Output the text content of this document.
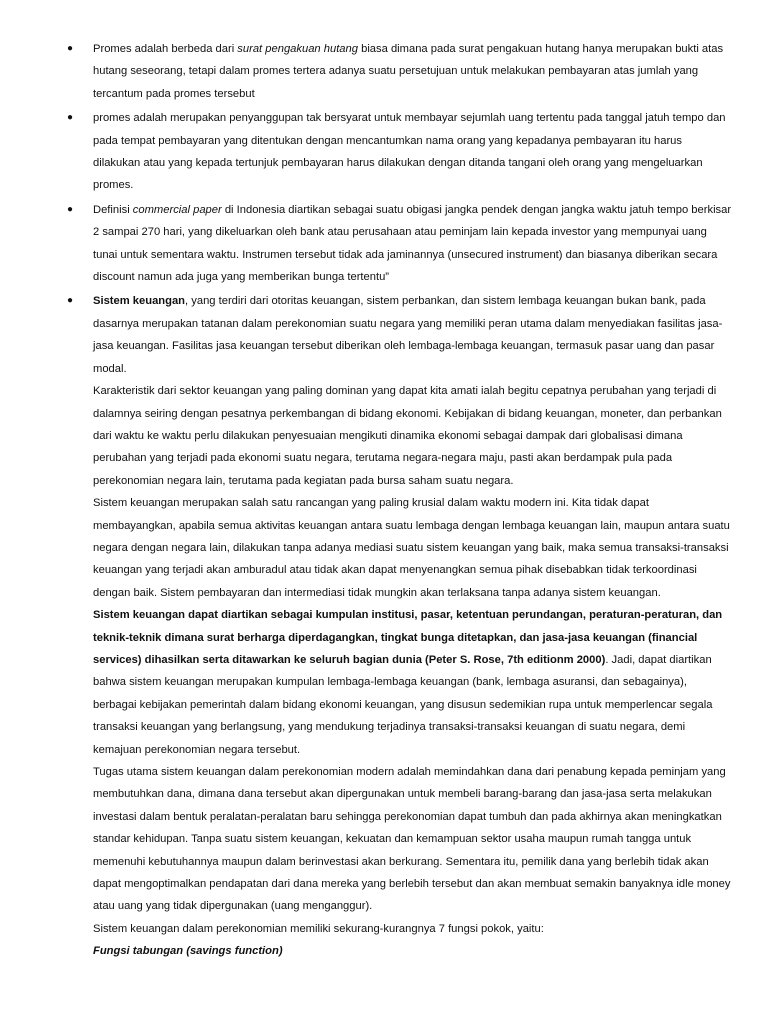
● Promes adalah berbeda dari surat pengakuan hutang biasa dimana pada surat pengakuan hutang hanya merupakan bukti atas hutang seseorang, tetapi dalam promes tertera adanya suatu persetujuan untuk melakukan pembayaran atas jumlah yang tercantum pada promes tersebut
● promes adalah merupakan penyanggupan tak bersyarat untuk membayar sejumlah uang tertentu pada tanggal jatuh tempo dan pada tempat pembayaran yang ditentukan dengan mencantumkan nama orang yang kepadanya pembayaran itu harus dilakukan atau yang kepada tertunjuk pembayaran harus dilakukan dengan ditanda tangani oleh orang yang mengeluarkan promes.
● Definisi commercial paper di Indonesia diartikan sebagai suatu obigasi jangka pendek dengan jangka waktu jatuh tempo berkisar 2 sampai 270 hari, yang dikeluarkan oleh bank atau perusahaan atau peminjam lain kepada investor yang mempunyai uang tunai untuk sementara waktu. Instrumen tersebut tidak ada jaminannya (unsecured instrument) dan biasanya diberikan secara discount namun ada juga yang memberikan bunga tertentu”
● Sistem keuangan, yang terdiri dari otoritas keuangan, sistem perbankan, dan sistem lembaga keuangan bukan bank, pada dasarnya merupakan tatanan dalam perekonomian suatu negara yang memiliki peran utama dalam menyediakan fasilitas jasa-jasa keuangan. Fasilitas jasa keuangan tersebut diberikan oleh lembaga-lembaga keuangan, termasuk pasar uang dan pasar modal.
Karakteristik dari sektor keuangan yang paling dominan yang dapat kita amati ialah begitu cepatnya perubahan yang terjadi di dalamnya seiring dengan pesatnya perkembangan di bidang ekonomi. Kebijakan di bidang keuangan, moneter, dan perbankan dari waktu ke waktu perlu dilakukan penyesuaian mengikuti dinamika ekonomi sebagai dampak dari globalisasi dimana perubahan yang terjadi pada ekonomi suatu negara, terutama negara-negara maju, pasti akan berdampak pula pada perekonomian negara lain, terutama pada kegiatan pada bursa saham suatu negara.
Sistem keuangan merupakan salah satu rancangan yang paling krusial dalam waktu modern ini. Kita tidak dapat membayangkan, apabila semua aktivitas keuangan antara suatu lembaga dengan lembaga keuangan lain, maupun antara suatu negara dengan negara lain, dilakukan tanpa adanya mediasi suatu sistem keuangan yang baik, maka semua transaksi-transaksi keuangan yang terjadi akan amburadul atau tidak akan dapat menyenangkan semua pihak disebabkan tidak terkoordinasi dengan baik. Sistem pembayaran dan intermediasi tidak mungkin akan terlaksana tanpa adanya sistem keuangan.
Sistem keuangan dapat diartikan sebagai kumpulan institusi, pasar, ketentuan perundangan, peraturan-peraturan, dan teknik-teknik dimana surat berharga diperdagangkan, tingkat bunga ditetapkan, dan jasa-jasa keuangan (financial services) dihasilkan serta ditawarkan ke seluruh bagian dunia (Peter S. Rose, 7th editionm 2000). Jadi, dapat diartikan bahwa sistem keuangan merupakan kumpulan lembaga-lembaga keuangan (bank, lembaga asuransi, dan sebagainya), berbagai kebijakan pemerintah dalam bidang ekonomi keuangan, yang disusun sedemikian rupa untuk memperlencar segala transaksi keuangan yang berlangsung, yang mendukung terjadinya transaksi-transaksi keuangan di suatu negara, demi kemajuan perekonomian negara tersebut.
Tugas utama sistem keuangan dalam perekonomian modern adalah memindahkan dana dari penabung kepada peminjam yang membutuhkan dana, dimana dana tersebut akan dipergunakan untuk membeli barang-barang dan jasa-jasa serta melakukan investasi dalam bentuk peralatan-peralatan baru sehingga perekonomian dapat tumbuh dan pada akhirnya akan meningkatkan standar kehidupan. Tanpa suatu sistem keuangan, kekuatan dan kemampuan sektor usaha maupun rumah tangga untuk memenuhi kebutuhannya maupun dalam berinvestasi akan berkurang. Sementara itu, pemilik dana yang berlebih tidak akan dapat mengoptimalkan pendapatan dari dana mereka yang berlebih tersebut dan akan membuat semakin banyaknya idle money atau uang yang tidak dipergunakan (uang menganggur).
Sistem keuangan dalam perekonomian memiliki sekurang-kurangnya 7 fungsi pokok, yaitu:
Fungsi tabungan (savings function)
